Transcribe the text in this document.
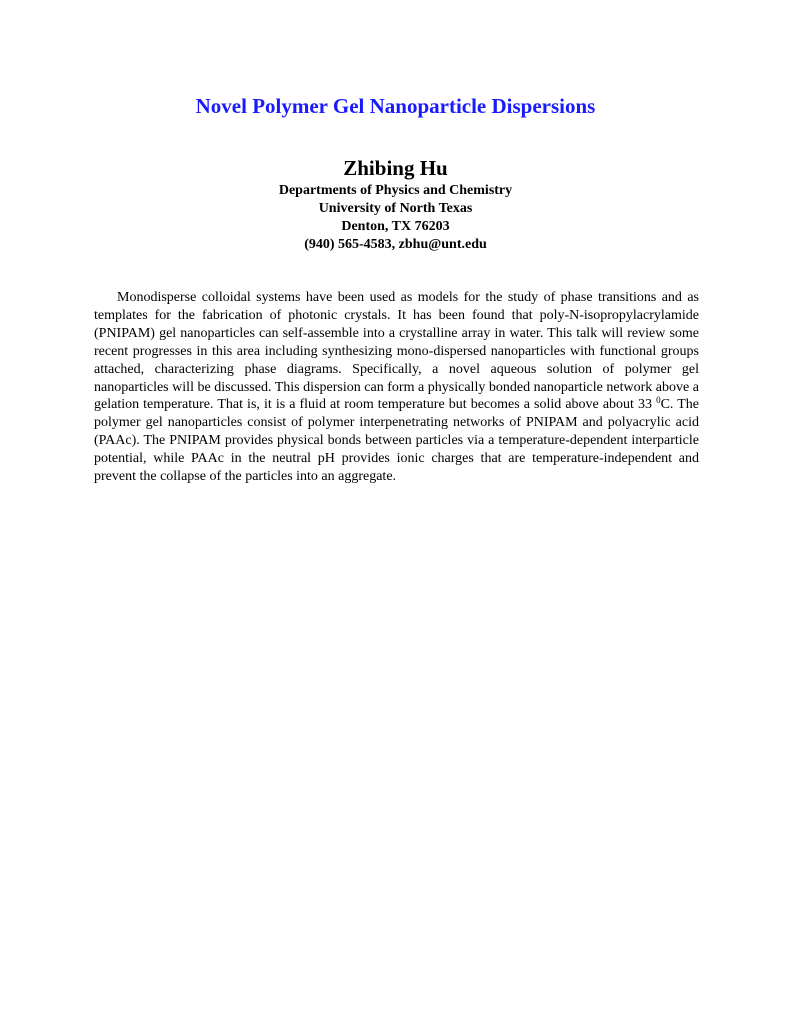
Novel Polymer Gel Nanoparticle Dispersions
Zhibing Hu
Departments of Physics and Chemistry
University of North Texas
Denton, TX 76203
(940) 565-4583, zbhu@unt.edu

Monodisperse colloidal systems have been used as models for the study of phase transitions and as templates for the fabrication of photonic crystals. It has been found that poly-N-isopropylacrylamide (PNIPAM) gel nanoparticles can self-assemble into a crystalline array in water. This talk will review some recent progresses in this area including synthesizing mono-dispersed nanoparticles with functional groups attached, characterizing phase diagrams. Specifically, a novel aqueous solution of polymer gel nanoparticles will be discussed. This dispersion can form a physically bonded nanoparticle network above a gelation temperature. That is, it is a fluid at room temperature but becomes a solid above about 33 $^0$C. The polymer gel nanoparticles consist of polymer interpenetrating networks of PNIPAM and polyacrylic acid (PAAc). The PNIPAM provides physical bonds between particles via a temperature-dependent interparticle potential, while PAAc in the neutral pH provides ionic charges that are temperature-independent and prevent the collapse of the particles into an aggregate.
